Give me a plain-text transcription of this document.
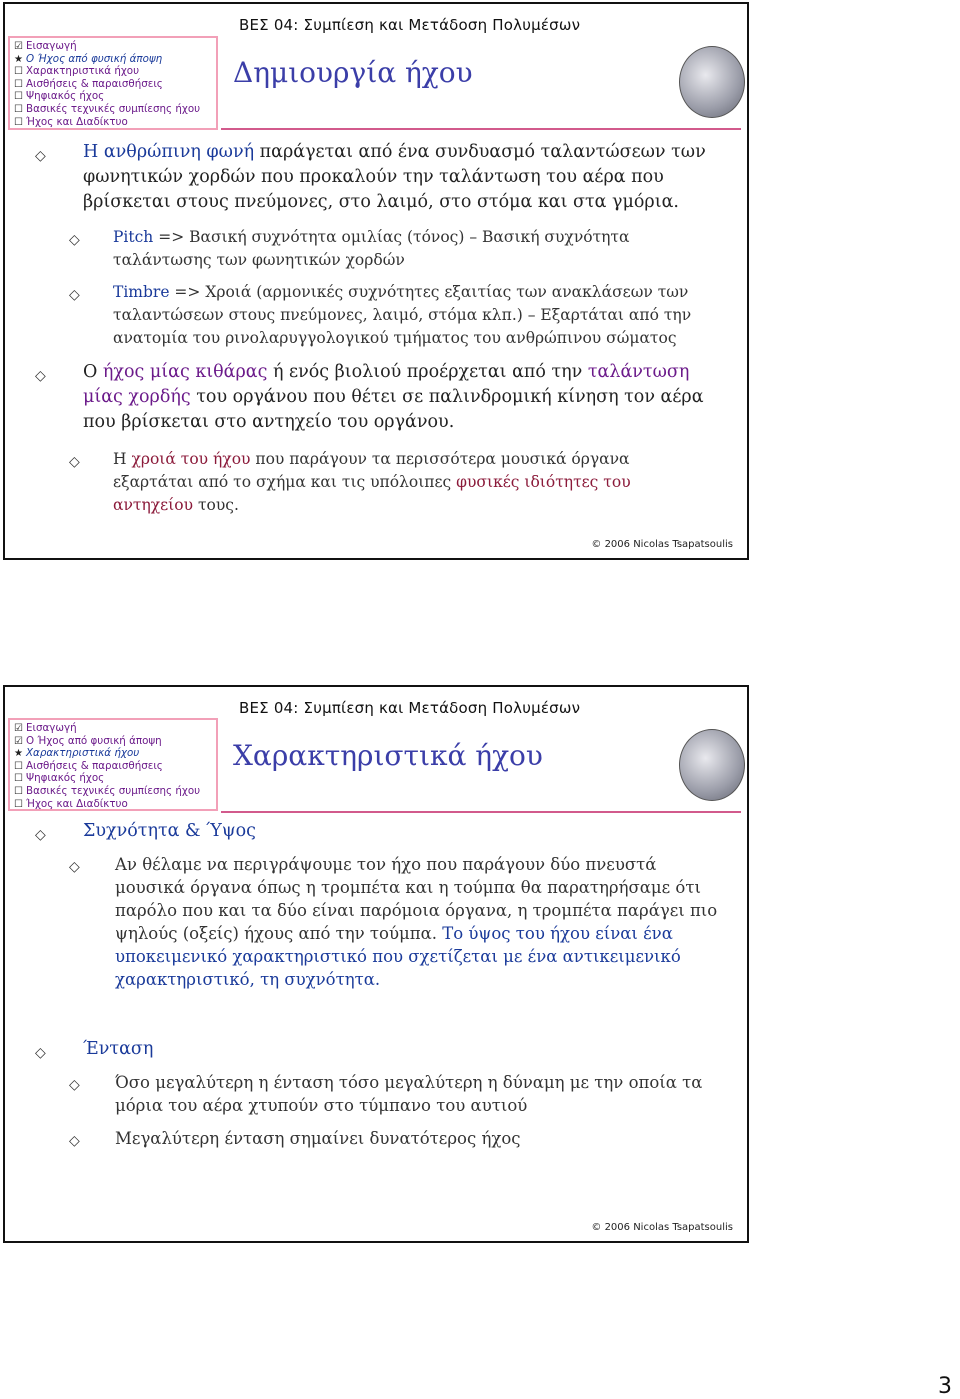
☑ Εισαγωγή
★ Ο Ήχος από φυσική άποψη
☐ Χαρακτηριστικά ήχου
☐ Αισθήσεις & παραισθήσεις
☐ Ψηφιακός ήχος
☐ Βασικές τεχνικές συμπίεσης ήχου
☐ Ήχος και Διαδίκτυο
ΒΕΣ 04: Συμπίεση και Μετάδοση Πολυμέσων
Δημιουργία ήχου
◇ Η ανθρώπινη φωνή παράγεται από ένα συνδυασμό ταλαντώσεων των
φωνητικών χορδών που προκαλούν την ταλάντωση του αέρα που
βρίσκεται στους πνεύμονες, στο λαιμό, στο στόμα και στα γμόρια.
◇ Pitch => Βασική συχνότητα ομιλίας (τόνος) – Βασική συχνότητα
ταλάντωσης των φωνητικών χορδών
◇ Timbre => Χροιά (αρμονικές συχνότητες εξαιτίας των ανακλάσεων των
ταλαντώσεων στους πνεύμονες, λαιμό, στόμα κλπ.) – Εξαρτάται από την
ανατομία του ρινολαρυγγολογικού τμήματος του ανθρώπινου σώματος
◇ Ο ήχος μίας κιθάρας ή ενός βιολιού προέρχεται από την ταλάντωση
μίας χορδής του οργάνου που θέτει σε παλινδρομική κίνηση τον αέρα
που βρίσκεται στο αντηχείο του οργάνου.
◇ Η χροιά του ήχου που παράγουν τα περισσότερα μουσικά όργανα
εξαρτάται από το σχήμα και τις υπόλοιπες φυσικές ιδιότητες του
αντηχείου τους.
© 2006 Nicolas Tsapatsoulis
☑ Εισαγωγή
☑ Ο Ήχος από φυσική άποψη
★ Χαρακτηριστικά ήχου
☐ Αισθήσεις & παραισθήσεις
☐ Ψηφιακός ήχος
☐ Βασικές τεχνικές συμπίεσης ήχου
☐ Ήχος και Διαδίκτυο
ΒΕΣ 04: Συμπίεση και Μετάδοση Πολυμέσων
Χαρακτηριστικά ήχου
◇ Συχνότητα & Ύψος
◇ Αν θέλαμε να περιγράψουμε τον ήχο που παράγουν δύο πνευστά
μουσικά όργανα όπως η τρομπέτα και η τούμπα θα παρατηρήσαμε ότι
παρόλο που και τα δύο είναι παρόμοια όργανα, η τρομπέτα παράγει πιο
ψηλούς (οξείς) ήχους από την τούμπα. Το ύψος του ήχου είναι ένα
υποκειμενικό χαρακτηριστικό που σχετίζεται με ένα αντικειμενικό
χαρακτηριστικό, τη συχνότητα.
◇ Ένταση
◇ Όσο μεγαλύτερη η ένταση τόσο μεγαλύτερη η δύναμη με την οποία τα
μόρια του αέρα χτυπούν στο τύμπανο του αυτιού
◇ Μεγαλύτερη ένταση σημαίνει δυνατότερος ήχος
© 2006 Nicolas Tsapatsoulis
3
